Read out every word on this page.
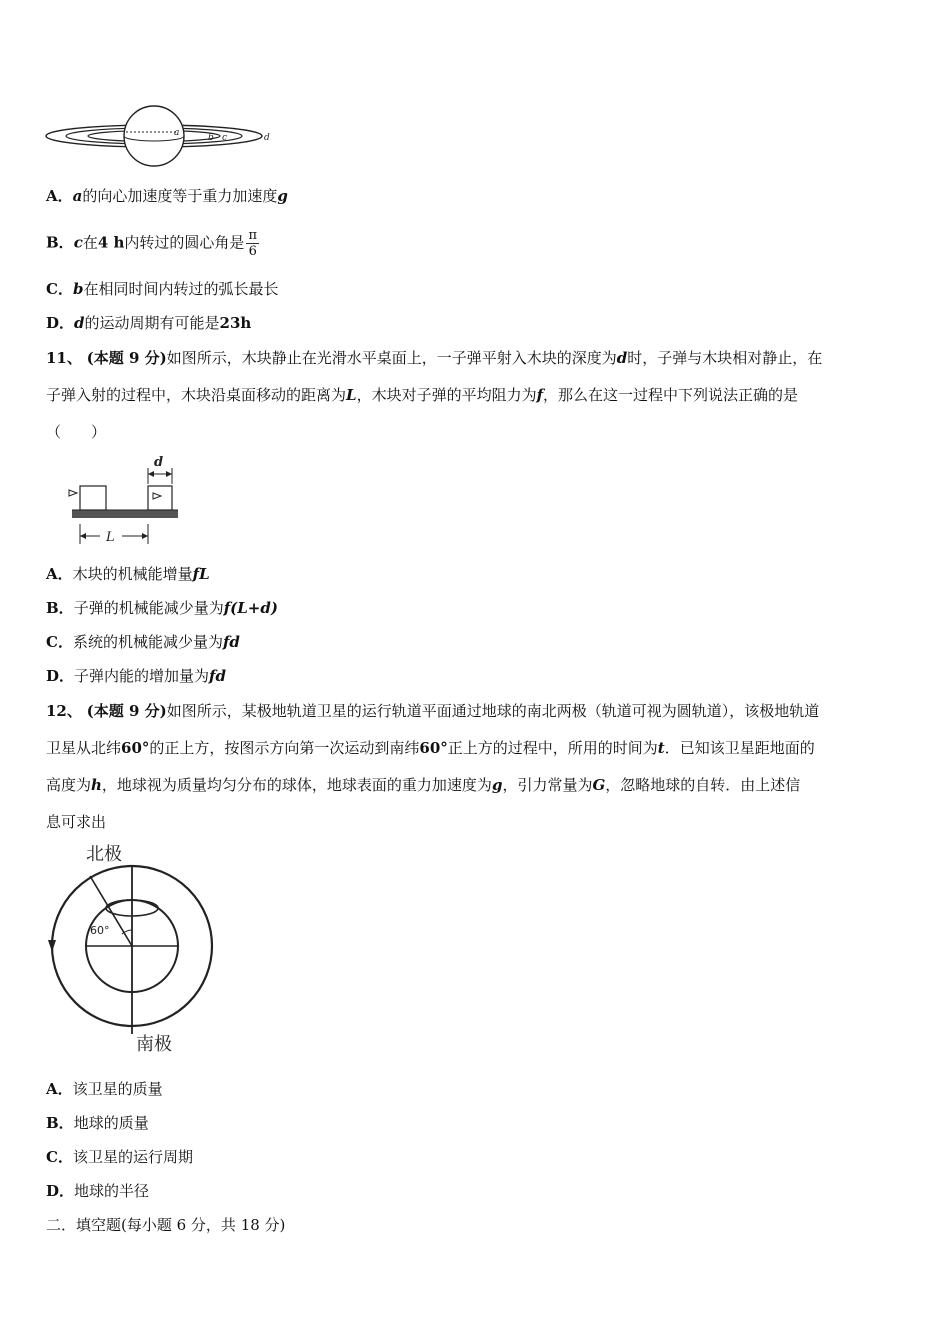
a	b c	d
A．a的向心加速度等于重力加速度g
B．c在4 h内转过的圆心角是 $\frac{\pi}{6}$
C．b在相同时间内转过的弧长最长
D．d的运动周期有可能是23h
11、 (本题 9 分)如图所示，木块静止在光滑水平桌面上，一子弹平射入木块的深度为d时，子弹与木块相对静止，在
子弹入射的过程中，木块沿桌面移动的距离为L，木块对子弹的平均阻力为f，那么在这一过程中下列说法正确的是
（　　）
d
L
A．木块的机械能增量fL
B．子弹的机械能减少量为f(L+d)
C．系统的机械能减少量为fd
D．子弹内能的增加量为fd
12、 (本题 9 分)如图所示，某极地轨道卫星的运行轨道平面通过地球的南北两极（轨道可视为圆轨道），该极地轨道
卫星从北纬60°的正上方，按图示方向第一次运动到南纬60°正上方的过程中，所用的时间为t．已知该卫星距地面的
高度为h，地球视为质量均匀分布的球体，地球表面的重力加速度为g，引力常量为G，忽略地球的自转．由上述信
息可求出
北极
南极
60°
A．该卫星的质量
B．地球的质量
C．该卫星的运行周期
D．地球的半径
二．填空题(每小题 6 分，共 18 分)
